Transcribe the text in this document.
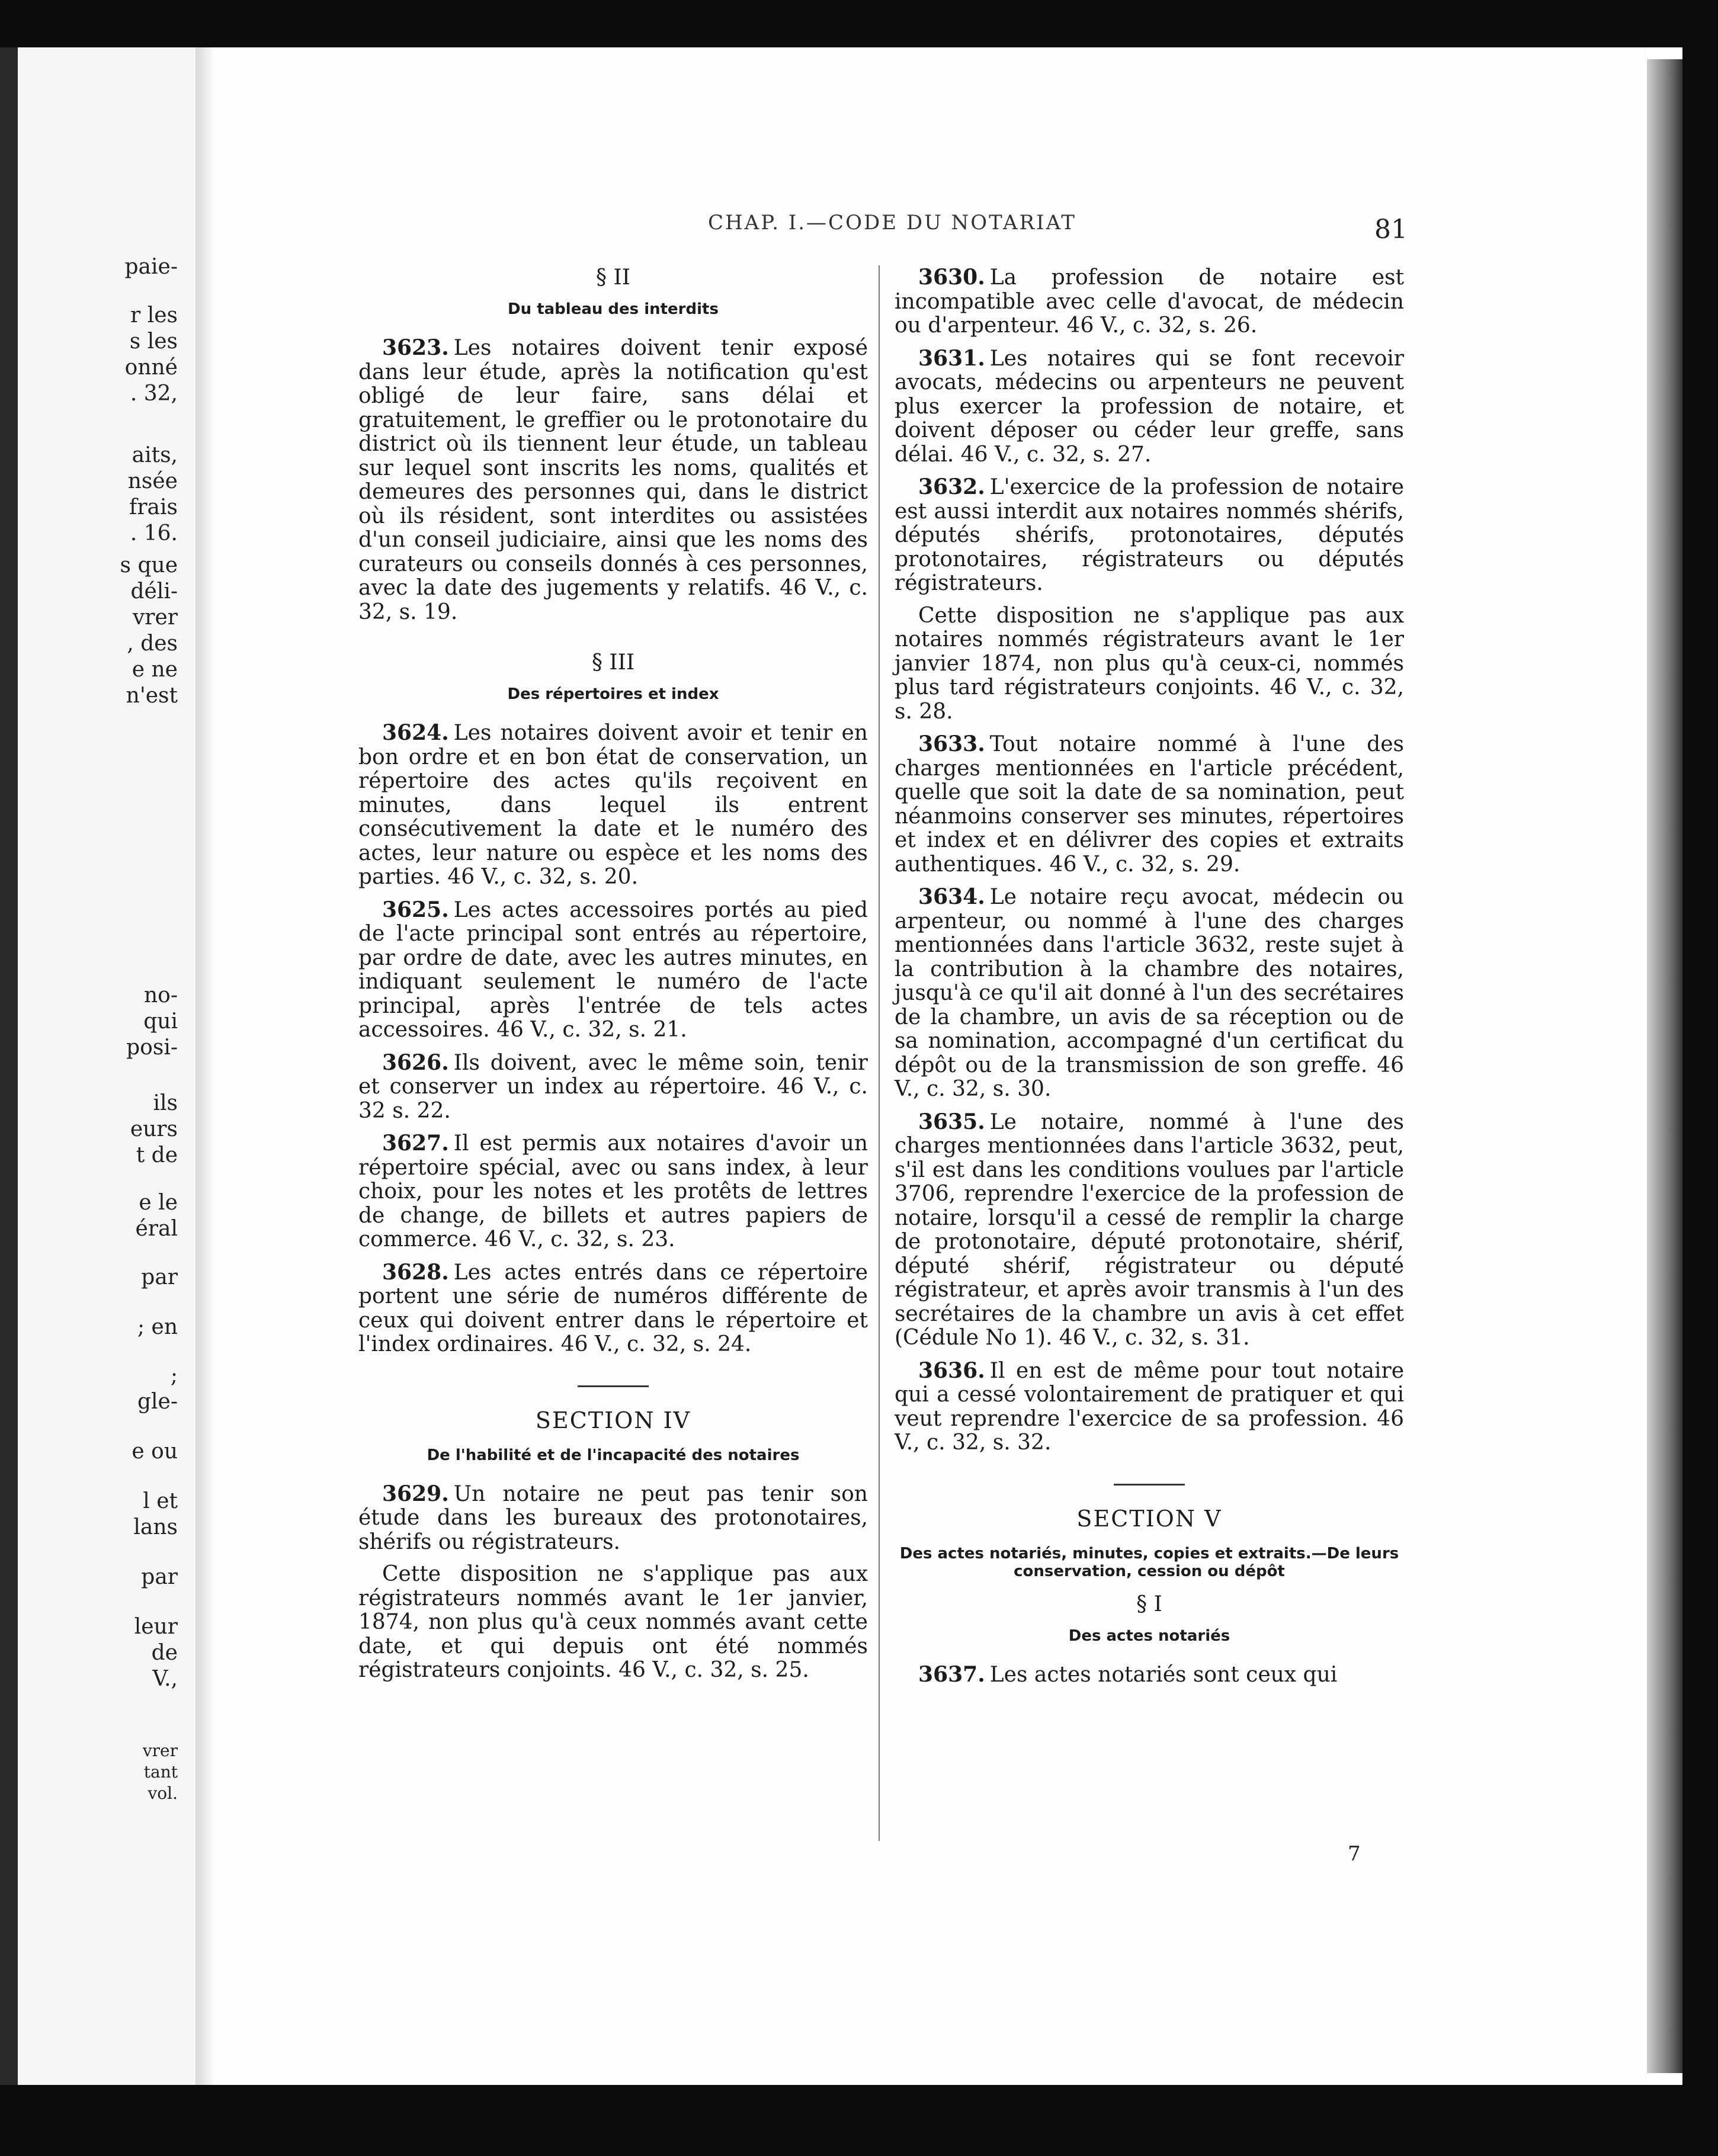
paie-
r les
s les
onné
. 32,
aits,
nsée
frais
. 16.
s que
déli-
vrer
, des
e ne
n'est
no-
qui
posi-
ils
eurs
t de
e le
éral
par
; en
;
gle-
e ou
l et
lans
par
leur
de
V.,
vrer
tant
vol.
CHAP. I.—CODE DU NOTARIAT	81
§ II
Du tableau des interdits

3623. Les notaires doivent tenir exposé dans leur étude, après la notification qu'est obligé de leur faire, sans délai et gratuitement, le greffier ou le protonotaire du district où ils tiennent leur étude, un tableau sur lequel sont inscrits les noms, qualités et demeures des personnes qui, dans le district où ils résident, sont interdites ou assistées d'un conseil judiciaire, ainsi que les noms des curateurs ou conseils donnés à ces personnes, avec la date des jugements y relatifs. 46 V., c. 32, s. 19.

§ III
Des répertoires et index

3624. Les notaires doivent avoir et tenir en bon ordre et en bon état de conservation, un répertoire des actes qu'ils reçoivent en minutes, dans lequel ils entrent consécutivement la date et le numéro des actes, leur nature ou espèce et les noms des parties. 46 V., c. 32, s. 20.

3625. Les actes accessoires portés au pied de l'acte principal sont entrés au répertoire, par ordre de date, avec les autres minutes, en indiquant seulement le numéro de l'acte principal, après l'entrée de tels actes accessoires. 46 V., c. 32, s. 21.

3626. Ils doivent, avec le même soin, tenir et conserver un index au répertoire. 46 V., c. 32 s. 22.

3627. Il est permis aux notaires d'avoir un répertoire spécial, avec ou sans index, à leur choix, pour les notes et les protêts de lettres de change, de billets et autres papiers de commerce. 46 V., c. 32, s. 23.

3628. Les actes entrés dans ce répertoire portent une série de numéros différente de ceux qui doivent entrer dans le répertoire et l'index ordinaires. 46 V., c. 32, s. 24.

SECTION IV
De l'habilité et de l'incapacité des notaires

3629. Un notaire ne peut pas tenir son étude dans les bureaux des protonotaires, shérifs ou régistrateurs.

Cette disposition ne s'applique pas aux régistrateurs nommés avant le 1er janvier, 1874, non plus qu'à ceux nommés avant cette date, et qui depuis ont été nommés régistrateurs conjoints. 46 V., c. 32, s. 25.

3630. La profession de notaire est incompatible avec celle d'avocat, de médecin ou d'arpenteur. 46 V., c. 32, s. 26.

3631. Les notaires qui se font recevoir avocats, médecins ou arpenteurs ne peuvent plus exercer la profession de notaire, et doivent déposer ou céder leur greffe, sans délai. 46 V., c. 32, s. 27.

3632. L'exercice de la profession de notaire est aussi interdit aux notaires nommés shérifs, députés shérifs, protonotaires, députés protonotaires, régistrateurs ou députés régistrateurs.

Cette disposition ne s'applique pas aux notaires nommés régistrateurs avant le 1er janvier 1874, non plus qu'à ceux-ci, nommés plus tard régistrateurs conjoints. 46 V., c. 32, s. 28.

3633. Tout notaire nommé à l'une des charges mentionnées en l'article précédent, quelle que soit la date de sa nomination, peut néanmoins conserver ses minutes, répertoires et index et en délivrer des copies et extraits authentiques. 46 V., c. 32, s. 29.

3634. Le notaire reçu avocat, médecin ou arpenteur, ou nommé à l'une des charges mentionnées dans l'article 3632, reste sujet à la contribution à la chambre des notaires, jusqu'à ce qu'il ait donné à l'un des secrétaires de la chambre, un avis de sa réception ou de sa nomination, accompagné d'un certificat du dépôt ou de la transmission de son greffe. 46 V., c. 32, s. 30.

3635. Le notaire, nommé à l'une des charges mentionnées dans l'article 3632, peut, s'il est dans les conditions voulues par l'article 3706, reprendre l'exercice de la profession de notaire, lorsqu'il a cessé de remplir la charge de protonotaire, député protonotaire, shérif, député shérif, régistrateur ou député régistrateur, et après avoir transmis à l'un des secrétaires de la chambre un avis à cet effet (Cédule No 1). 46 V., c. 32, s. 31.

3636. Il en est de même pour tout notaire qui a cessé volontairement de pratiquer et qui veut reprendre l'exercice de sa profession. 46 V., c. 32, s. 32.

SECTION V
Des actes notariés, minutes, copies et extraits.—De leurs conservation, cession ou dépôt
§ I
Des actes notariés

3637. Les actes notariés sont ceux qui

7
